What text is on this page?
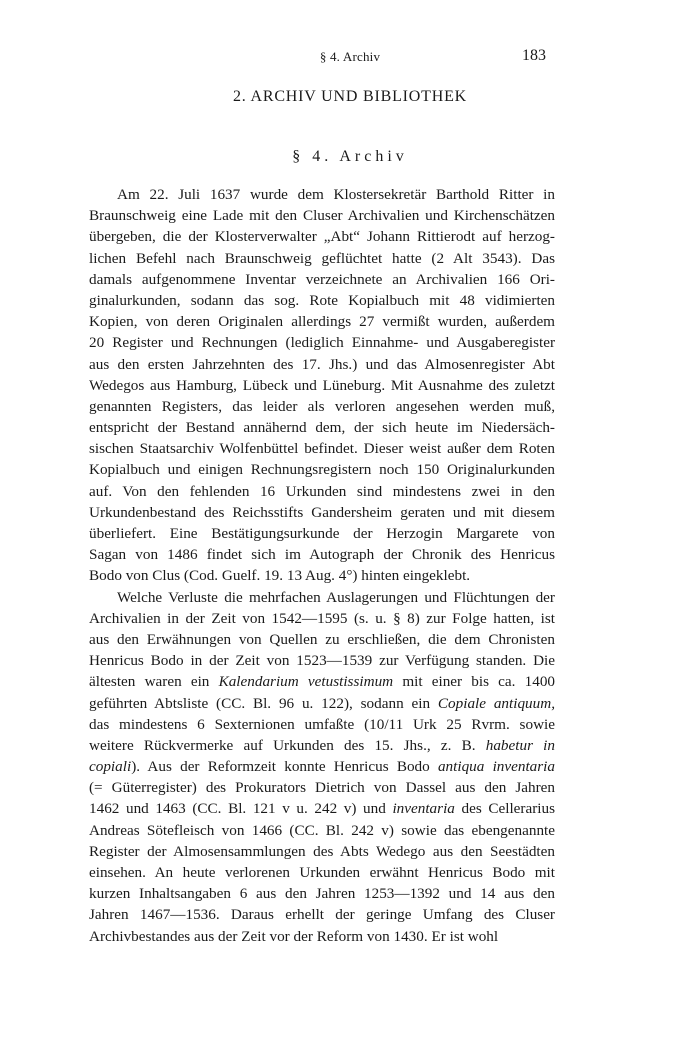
§ 4. Archiv	183
2. ARCHIV UND BIBLIOTHEK
§ 4. Archiv
Am 22. Juli 1637 wurde dem Klostersekretär Barthold Ritter in
Braunschweig eine Lade mit den Cluser Archivalien und Kirchenschätzen
übergeben, die der Klosterverwalter „Abt“ Johann Rittierodt auf herzog-
lichen Befehl nach Braunschweig geflüchtet hatte (2 Alt 3543). Das
damals aufgenommene Inventar verzeichnete an Archivalien 166 Ori-
ginalurkunden, sodann das sog. Rote Kopialbuch mit 48 vidimierten
Kopien, von deren Originalen allerdings 27 vermißt wurden, außerdem
20 Register und Rechnungen (lediglich Einnahme- und Ausgaberegister
aus den ersten Jahrzehnten des 17. Jhs.) und das Almosenregister Abt
Wedegos aus Hamburg, Lübeck und Lüneburg. Mit Ausnahme des zuletzt
genannten Registers, das leider als verloren angesehen werden muß,
entspricht der Bestand annähernd dem, der sich heute im Niedersäch-
sischen Staatsarchiv Wolfenbüttel befindet. Dieser weist außer dem Roten
Kopialbuch und einigen Rechnungsregistern noch 150 Originalurkunden
auf. Von den fehlenden 16 Urkunden sind mindestens zwei in den
Urkundenbestand des Reichsstifts Gandersheim geraten und mit diesem
überliefert. Eine Bestätigungsurkunde der Herzogin Margarete von
Sagan von 1486 findet sich im Autograph der Chronik des Henricus
Bodo von Clus (Cod. Guelf. 19. 13 Aug. 4°) hinten eingeklebt.
Welche Verluste die mehrfachen Auslagerungen und Flüchtungen der
Archivalien in der Zeit von 1542—1595 (s. u. § 8) zur Folge hatten, ist
aus den Erwähnungen von Quellen zu erschließen, die dem Chronisten
Henricus Bodo in der Zeit von 1523—1539 zur Verfügung standen. Die
ältesten waren ein Kalendarium vetustissimum mit einer bis ca. 1400
geführten Abtsliste (CC. Bl. 96 u. 122), sodann ein Copiale antiquum,
das mindestens 6 Sexternionen umfaßte (10/11 Urk 25 Rvrm. sowie
weitere Rückvermerke auf Urkunden des 15. Jhs., z. B. habetur in
copiali). Aus der Reformzeit konnte Henricus Bodo antiqua inventaria
(= Güterregister) des Prokurators Dietrich von Dassel aus den Jahren
1462 und 1463 (CC. Bl. 121 v u. 242 v) und inventaria des Cellerarius
Andreas Sötefleisch von 1466 (CC. Bl. 242 v) sowie das ebengenannte
Register der Almosensammlungen des Abts Wedego aus den Seestädten
einsehen. An heute verlorenen Urkunden erwähnt Henricus Bodo mit
kurzen Inhaltsangaben 6 aus den Jahren 1253—1392 und 14 aus den
Jahren 1467—1536. Daraus erhellt der geringe Umfang des Cluser
Archivbestandes aus der Zeit vor der Reform von 1430. Er ist wohl
